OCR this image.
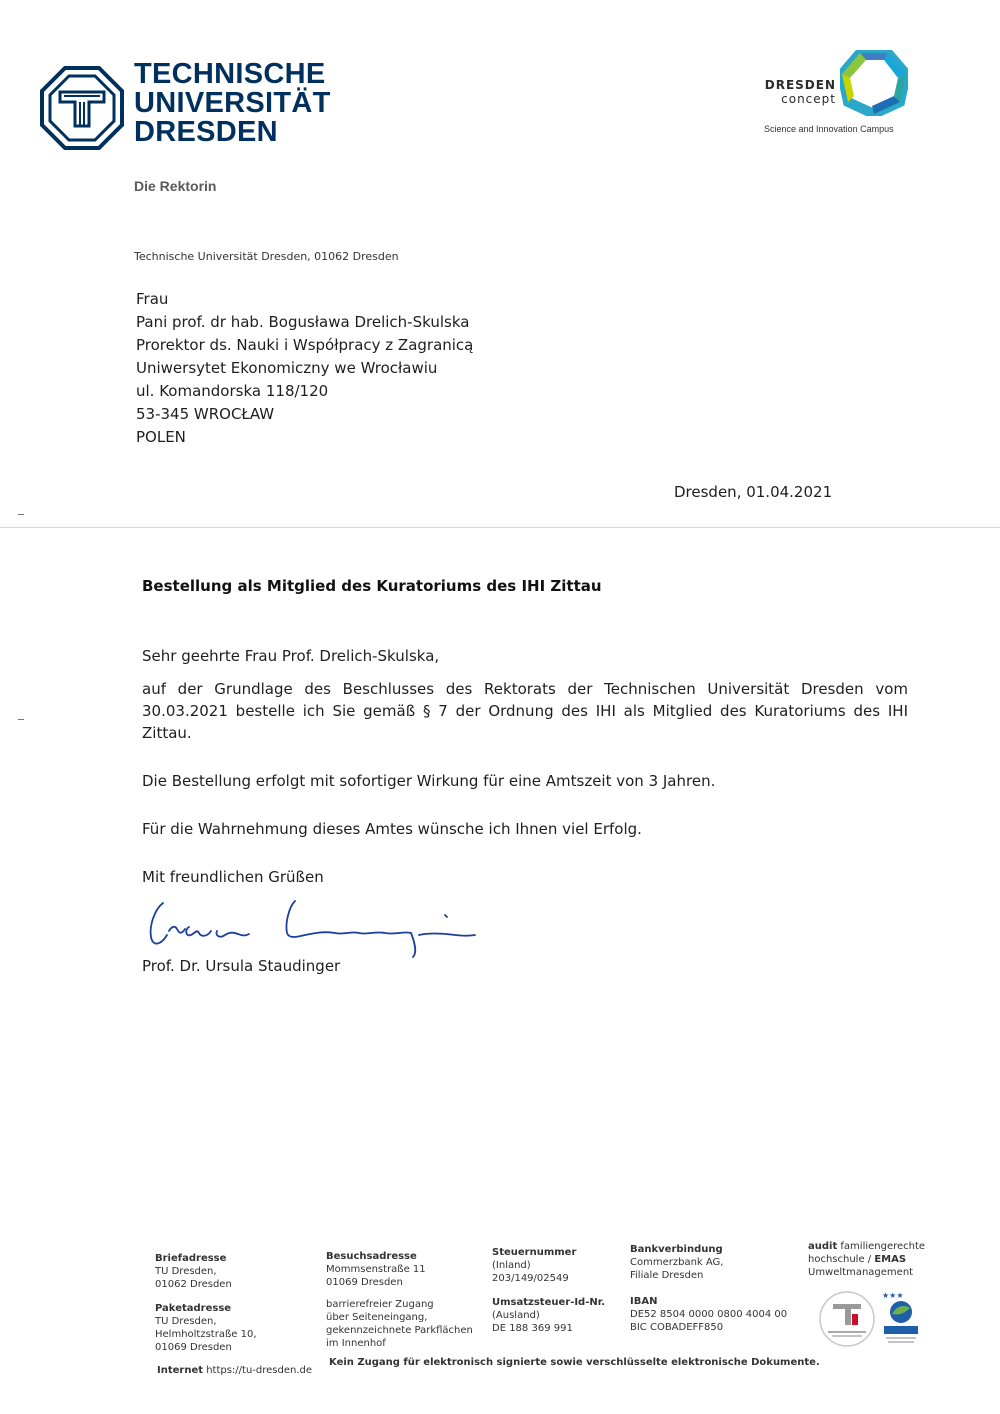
TECHNISCHE
UNIVERSITÄT
DRESDEN
Die Rektorin
DRESDEN
concept
Science and Innovation Campus
Technische Universität Dresden, 01062 Dresden
Frau
Pani prof. dr hab. Bogusława Drelich-Skulska
Prorektor ds. Nauki i Współpracy z Zagranicą
Uniwersytet Ekonomiczny we Wrocławiu
ul. Komandorska 118/120
53-345 WROCŁAW
POLEN
Dresden, 01.04.2021
Bestellung als Mitglied des Kuratoriums des IHI Zittau
Sehr geehrte Frau Prof. Drelich-Skulska,
auf der Grundlage des Beschlusses des Rektorats der Technischen Universität Dresden vom 30.03.2021 bestelle ich Sie gemäß § 7 der Ordnung des IHI als Mitglied des Kuratoriums des IHI Zittau.
Die Bestellung erfolgt mit sofortiger Wirkung für eine Amtszeit von 3 Jahren.
Für die Wahrnehmung dieses Amtes wünsche ich Ihnen viel Erfolg.
Mit freundlichen Grüßen
Prof. Dr. Ursula Staudinger
Briefadresse
TU Dresden,
01062 Dresden
Paketadresse
TU Dresden,
Helmholtzstraße 10,
01069 Dresden
Besuchsadresse
Mommsenstraße 11
01069 Dresden
barrierefreier Zugang
über Seiteneingang,
gekennzeichnete Parkflächen
im Innenhof
Steuernummer
(Inland)
203/149/02549
Umsatzsteuer-Id-Nr.
(Ausland)
DE 188 369 991
Bankverbindung
Commerzbank AG,
Filiale Dresden
IBAN
DE52 8504 0000 0800 4004 00
BIC COBADEFF850
audit familiengerechte
hochschule / EMAS
Umweltmanagement
★★★
Internet https://tu-dresden.de
Kein Zugang für elektronisch signierte sowie verschlüsselte elektronische Dokumente.
